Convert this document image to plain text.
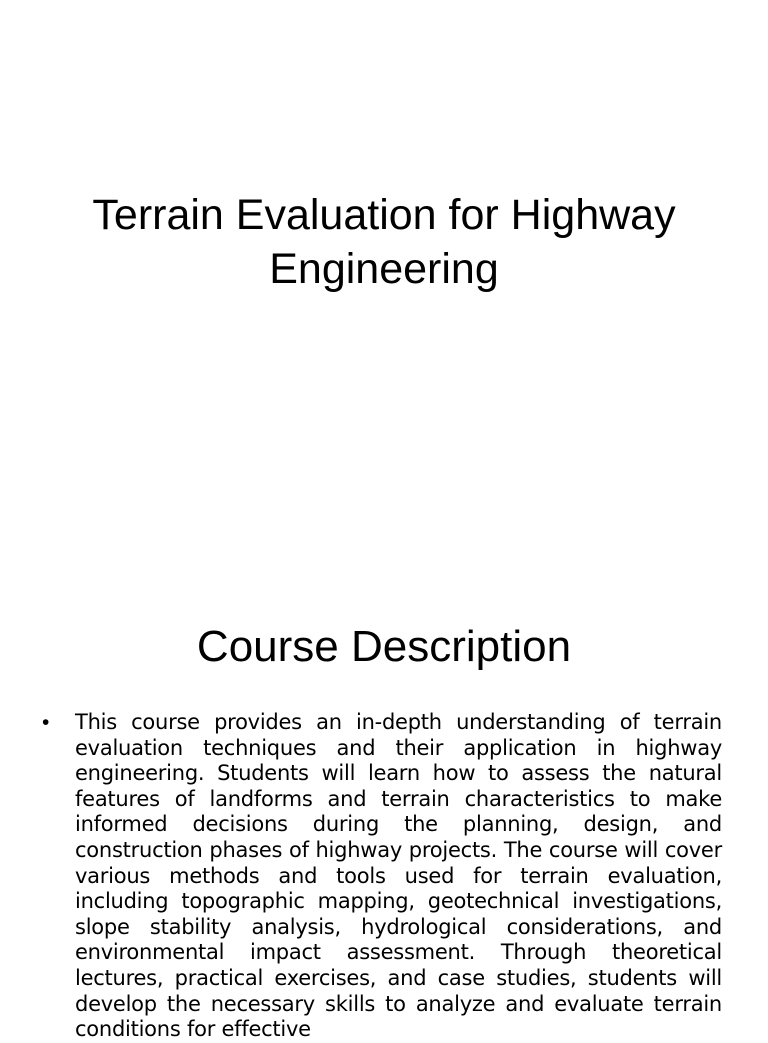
Terrain Evaluation for Highway Engineering
Course Description
• This course provides an in-depth understanding of terrain evaluation techniques and their application in highway engineering. Students will learn how to assess the natural features of landforms and terrain characteristics to make informed decisions during the planning, design, and construction phases of highway projects. The course will cover various methods and tools used for terrain evaluation, including topographic mapping, geotechnical investigations, slope stability analysis, hydrological considerations, and environmental impact assessment. Through theoretical lectures, practical exercises, and case studies, students will develop the necessary skills to analyze and evaluate terrain conditions for effective
